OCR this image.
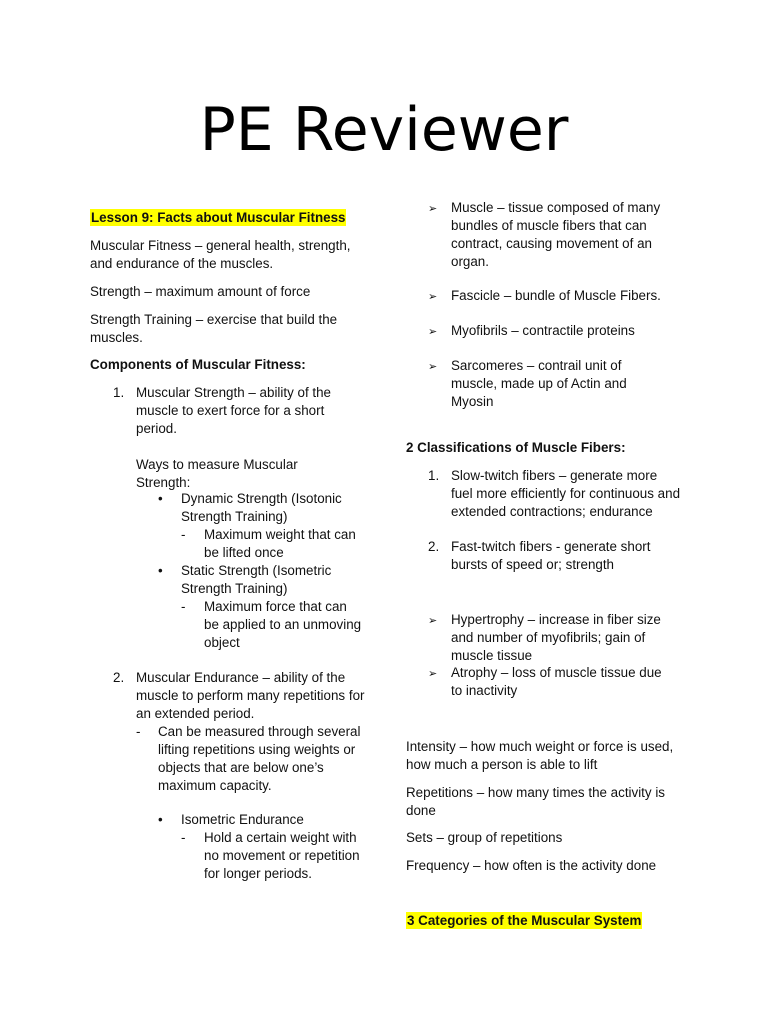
PE Reviewer
Lesson 9: Facts about Muscular Fitness

Muscular Fitness – general health, strength, and endurance of the muscles.

Strength – maximum amount of force

Strength Training – exercise that build the muscles.

Components of Muscular Fitness:

1. Muscular Strength – ability of the muscle to exert force for a short period.

Ways to measure Muscular Strength:

• Dynamic Strength (Isotonic Strength Training)

- Maximum weight that can be lifted once

• Static Strength (Isometric Strength Training)

- Maximum force that can be applied to an unmoving object

2. Muscular Endurance – ability of the muscle to perform many repetitions for an extended period.

- Can be measured through several lifting repetitions using weights or objects that are below one’s maximum capacity.

• Isometric Endurance

- Hold a certain weight with no movement or repetition for longer periods.

➢ Muscle – tissue composed of many bundles of muscle fibers that can contract, causing movement of an organ.

➢ Fascicle – bundle of Muscle Fibers.

➢ Myofibrils – contractile proteins

➢ Sarcomeres – contrail unit of muscle, made up of Actin and Myosin

2 Classifications of Muscle Fibers:

1. Slow-twitch fibers – generate more fuel more efficiently for continuous and extended contractions; endurance

2. Fast-twitch fibers - generate short bursts of speed or; strength

➢ Hypertrophy – increase in fiber size and number of myofibrils; gain of muscle tissue

➢ Atrophy – loss of muscle tissue due to inactivity

Intensity – how much weight or force is used, how much a person is able to lift

Repetitions – how many times the activity is done

Sets – group of repetitions

Frequency – how often is the activity done

3 Categories of the Muscular System
